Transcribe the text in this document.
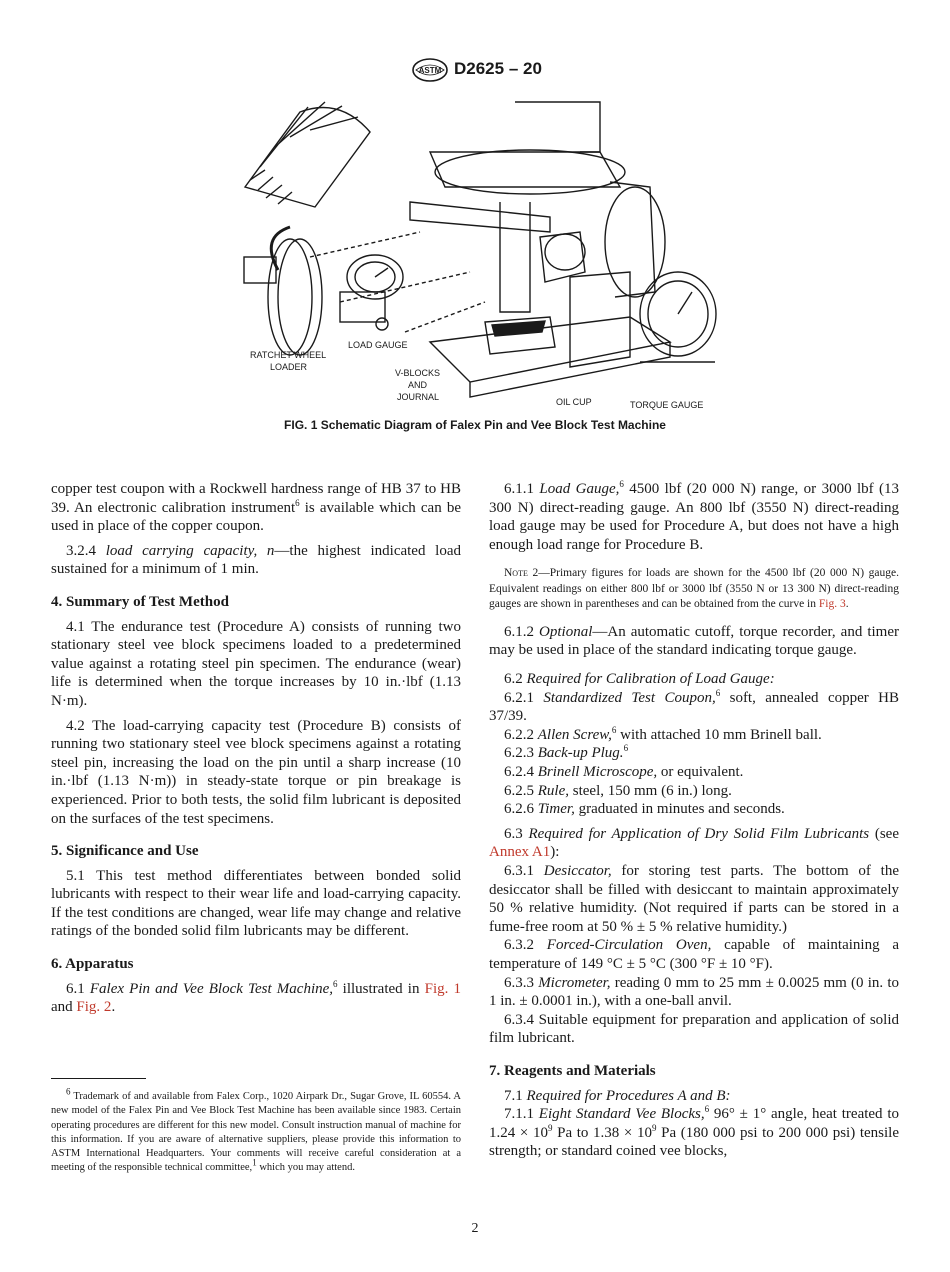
ASTM D2625 – 20
RATCHET WHEEL
LOADER
LOAD GAUGE
V-BLOCKS
AND
JOURNAL	OIL CUP	TORQUE GAUGE
FIG. 1 Schematic Diagram of Falex Pin and Vee Block Test Machine

copper test coupon with a Rockwell hardness range of HB 37 to HB 39. An electronic calibration instrument$^6$ is available which can be used in place of the copper coupon.

3.2.4 load carrying capacity, n—the highest indicated load sustained for a minimum of 1 min.

4. Summary of Test Method

4.1 The endurance test (Procedure A) consists of running two stationary steel vee block specimens loaded to a predetermined value against a rotating steel pin specimen. The endurance (wear) life is determined when the torque increases by 10 in.·lbf (1.13 N·m).

4.2 The load-carrying capacity test (Procedure B) consists of running two stationary steel vee block specimens against a rotating steel pin, increasing the load on the pin until a sharp increase (10 in.·lbf (1.13 N·m)) in steady-state torque or pin breakage is experienced. Prior to both tests, the solid film lubricant is deposited on the surfaces of the test specimens.

5. Significance and Use

5.1 This test method differentiates between bonded solid lubricants with respect to their wear life and load-carrying capacity. If the test conditions are changed, wear life may change and relative ratings of the bonded solid film lubricants may be different.

6. Apparatus

6.1 Falex Pin and Vee Block Test Machine,$^6$ illustrated in Fig. 1 and Fig. 2.

$^6$ Trademark of and available from Falex Corp., 1020 Airpark Dr., Sugar Grove, IL 60554. A new model of the Falex Pin and Vee Block Test Machine has been available since 1983. Certain operating procedures are different for this new model. Consult instruction manual of machine for this information. If you are aware of alternative suppliers, please provide this information to ASTM International Headquarters. Your comments will receive careful consideration at a meeting of the responsible technical committee,$^1$ which you may attend.

6.1.1 Load Gauge,$^6$ 4500 lbf (20 000 N) range, or 3000 lbf (13 300 N) direct-reading gauge. An 800 lbf (3550 N) direct-reading load gauge may be used for Procedure A, but does not have a high enough load range for Procedure B.

Note 2—Primary figures for loads are shown for the 4500 lbf (20 000 N) gauge. Equivalent readings on either 800 lbf or 3000 lbf (3550 N or 13 300 N) direct-reading gauges are shown in parentheses and can be obtained from the curve in Fig. 3.

6.1.2 Optional—An automatic cutoff, torque recorder, and timer may be used in place of the standard indicating torque gauge.

6.2 Required for Calibration of Load Gauge:

6.2.1 Standardized Test Coupon,$^6$ soft, annealed copper HB 37/39.

6.2.2 Allen Screw,$^6$ with attached 10 mm Brinell ball.

6.2.3 Back-up Plug.$^6$

6.2.4 Brinell Microscope, or equivalent.

6.2.5 Rule, steel, 150 mm (6 in.) long.

6.2.6 Timer, graduated in minutes and seconds.

6.3 Required for Application of Dry Solid Film Lubricants (see Annex A1):

6.3.1 Desiccator, for storing test parts. The bottom of the desiccator shall be filled with desiccant to maintain approximately 50 % relative humidity. (Not required if parts can be stored in a fume-free room at 50 % ± 5 % relative humidity.)

6.3.2 Forced-Circulation Oven, capable of maintaining a temperature of 149 °C ± 5 °C (300 °F ± 10 °F).

6.3.3 Micrometer, reading 0 mm to 25 mm ± 0.0025 mm (0 in. to 1 in. ± 0.0001 in.), with a one-ball anvil.

6.3.4 Suitable equipment for preparation and application of solid film lubricant.

7. Reagents and Materials

7.1 Required for Procedures A and B:

7.1.1 Eight Standard Vee Blocks,$^6$ 96° ± 1° angle, heat treated to $1.24 \times 10^9$ Pa to $1.38 \times 10^9$ Pa (180 000 psi to 200 000 psi) tensile strength; or standard coined vee blocks,

2
